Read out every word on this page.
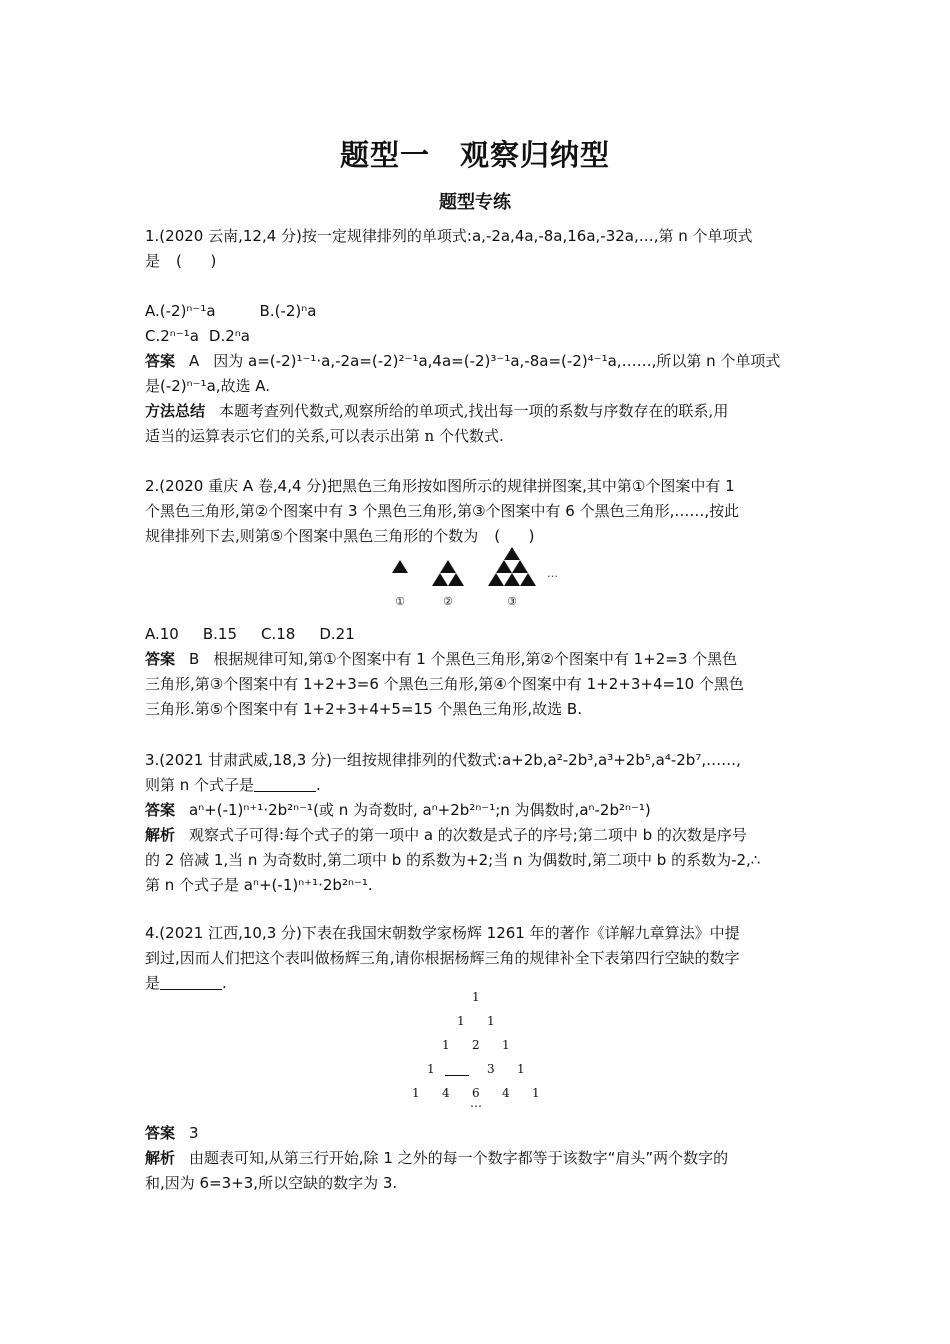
题型一　观察归纳型
题型专练

1.(2020 云南,12,4 分)按一定规律排列的单项式:a,-2a,4a,-8a,16a,-32a,…,第 n 个单项式

是 (      )

A.(-2)ⁿ⁻¹a	B.(-2)ⁿa

C.2ⁿ⁻¹a D.2ⁿa

答案 A 因为 a=(-2)¹⁻¹·a,-2a=(-2)²⁻¹a,4a=(-2)³⁻¹a,-8a=(-2)⁴⁻¹a,……,所以第 n 个单项式

是(-2)ⁿ⁻¹a,故选 A.

方法总结 本题考查列代数式,观察所给的单项式,找出每一项的系数与序数存在的联系,用

适当的运算表示它们的关系,可以表示出第 n 个代数式.

2.(2020 重庆 A 卷,4,4 分)把黑色三角形按如图所示的规律拼图案,其中第①个图案中有 1

个黑色三角形,第②个图案中有 3 个黑色三角形,第③个图案中有 6 个黑色三角形,……,按此

规律排列下去,则第⑤个图案中黑色三角形的个数为 (      )

…
①	②	③

A.10 B.15 C.18 D.21

答案 B 根据规律可知,第①个图案中有 1 个黑色三角形,第②个图案中有 1+2=3 个黑色

三角形,第③个图案中有 1+2+3=6 个黑色三角形,第④个图案中有 1+2+3+4=10 个黑色

三角形.第⑤个图案中有 1+2+3+4+5=15 个黑色三角形,故选 B.

3.(2021 甘肃武威,18,3 分)一组按规律排列的代数式:a+2b,a²-2b³,a³+2b⁵,a⁴-2b⁷,……,

则第 n 个式子是	.

答案 aⁿ+(-1)ⁿ⁺¹·2b²ⁿ⁻¹(或 n 为奇数时, aⁿ+2b²ⁿ⁻¹;n 为偶数时,aⁿ-2b²ⁿ⁻¹)

解析 观察式子可得:每个式子的第一项中 a 的次数是式子的序号;第二项中 b 的次数是序号

的 2 倍减 1,当 n 为奇数时,第二项中 b 的系数为+2;当 n 为偶数时,第二项中 b 的系数为-2,∴

第 n 个式子是 aⁿ+(-1)ⁿ⁺¹·2b²ⁿ⁻¹.

4.(2021 江西,10,3 分)下表在我国宋朝数学家杨辉 1261 年的著作《详解九章算法》中提

到过,因而人们把这个表叫做杨辉三角,请你根据杨辉三角的规律补全下表第四行空缺的数字

是	.

1
1 1
1 2 1
1	3 1
1 4 6 4 1
…

答案 3

解析 由题表可知,从第三行开始,除 1 之外的每一个数字都等于该数字“肩头”两个数字的

和,因为 6=3+3,所以空缺的数字为 3.
